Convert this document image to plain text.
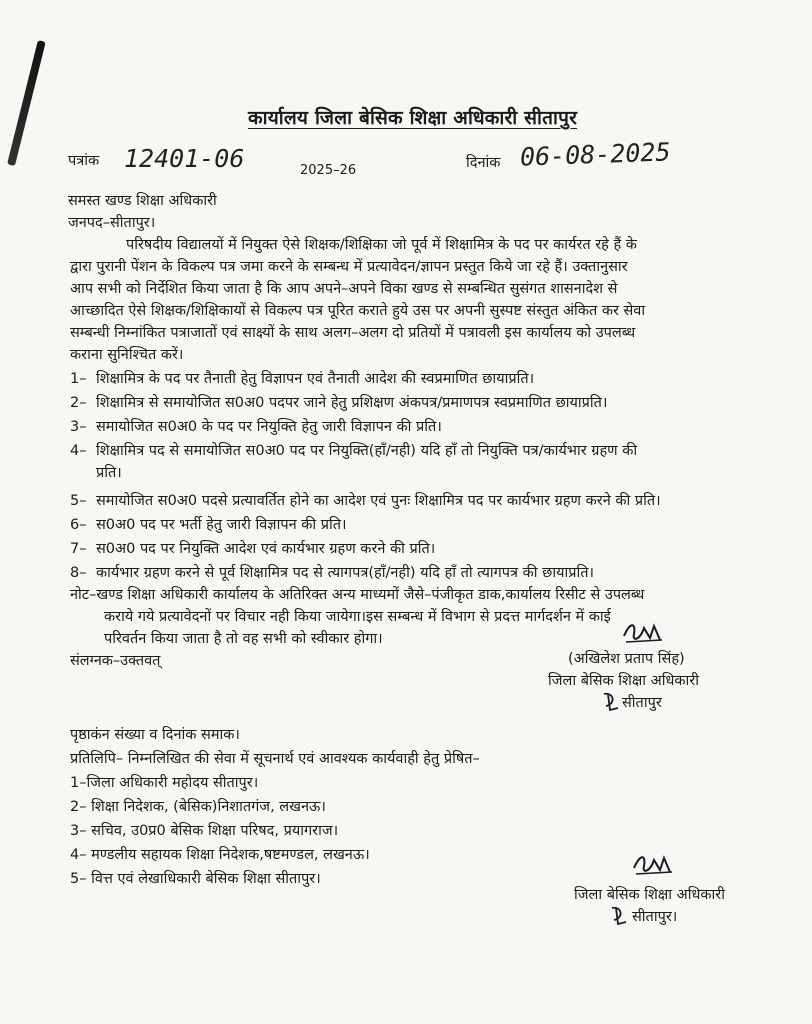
कार्यालय जिला बेसिक शिक्षा अधिकारी सीतापुर
पत्रांक 12401-06	2025–26	दिनांक 06-08-2025
समस्त खण्ड शिक्षा अधिकारी
जनपद–सीतापुर।
परिषदीय विद्यालयों में नियुक्त ऐसे शिक्षक/शिक्षिका जो पूर्व में शिक्षामित्र के पद पर कार्यरत रहे हैं के
द्वारा पुरानी पेंशन के विकल्प पत्र जमा करने के सम्बन्ध में प्रत्यावेदन/ज्ञापन प्रस्तुत किये जा रहे हैं। उक्तानुसार
आप सभी को निर्देशित किया जाता है कि आप अपने–अपने विका खण्ड से सम्बन्धित सुसंगत शासनादेश से
आच्छादित ऐसे शिक्षक/शिक्षिकायों से विकल्प पत्र पूरित कराते हुये उस पर अपनी सुस्पष्ट संस्तुत अंकित कर सेवा
सम्बन्धी निम्नांकित पत्राजातों एवं साक्ष्यों के साथ अलग–अलग दो प्रतियों में पत्रावली इस कार्यालय को उपलब्ध
कराना सुनिश्चित करें।
1– शिक्षामित्र के पद पर तैनाती हेतु विज्ञापन एवं तैनाती आदेश की स्वप्रमाणित छायाप्रति।
2– शिक्षामित्र से समायोजित स0अ0 पदपर जाने हेतु प्रशिक्षण अंकपत्र/प्रमाणपत्र स्वप्रमाणित छायाप्रति।
3– समायोजित स0अ0 के पद पर नियुक्ति हेतु जारी विज्ञापन की प्रति।
4– शिक्षामित्र पद से समायोजित स0अ0 पद पर नियुक्ति(हाँ/नही) यदि हाँ तो नियुक्ति पत्र/कार्यभार ग्रहण की
प्रति।
5– समायोजित स0अ0 पदसे प्रत्यावर्तित होने का आदेश एवं पुनः शिक्षामित्र पद पर कार्यभार ग्रहण करने की प्रति।
6– स0अ0 पद पर भर्ती हेतु जारी विज्ञापन की प्रति।
7– स0अ0 पद पर नियुक्ति आदेश एवं कार्यभार ग्रहण करने की प्रति।
8– कार्यभार ग्रहण करने से पूर्व शिक्षामित्र पद से त्यागपत्र(हाँ/नही) यदि हाँ तो त्यागपत्र की छायाप्रति।
नोट–खण्ड शिक्षा अधिकारी कार्यालय के अतिरिक्त अन्य माध्यमों जैसे–पंजीकृत डाक,कार्यालय रिसीट से उपलब्ध
कराये गये प्रत्यावेदनों पर विचार नही किया जायेगा।इस सम्बन्ध में विभाग से प्रदत्त मार्गदर्शन में काई
परिवर्तन किया जाता है तो वह सभी को स्वीकार होगा।
संलग्नक–उक्तवत्	(अखिलेश प्रताप सिंह)
जिला बेसिक शिक्षा अधिकारी
सीतापुर
पृष्ठाकंन संख्या व दिनांक समाक।
प्रतिलिपि– निम्नलिखित की सेवा में सूचनार्थ एवं आवश्यक कार्यवाही हेतु प्रेषित–
1–जिला अधिकारी महोदय सीतापुर।
2– शिक्षा निदेशक, (बेसिक)निशातगंज, लखनऊ।
3– सचिव, उ0प्र0 बेसिक शिक्षा परिषद, प्रयागराज।
4– मण्डलीय सहायक शिक्षा निदेशक,षष्टमण्डल, लखनऊ।
5– वित्त एवं लेखाधिकारी बेसिक शिक्षा सीतापुर।
जिला बेसिक शिक्षा अधिकारी
सीतापुर।
